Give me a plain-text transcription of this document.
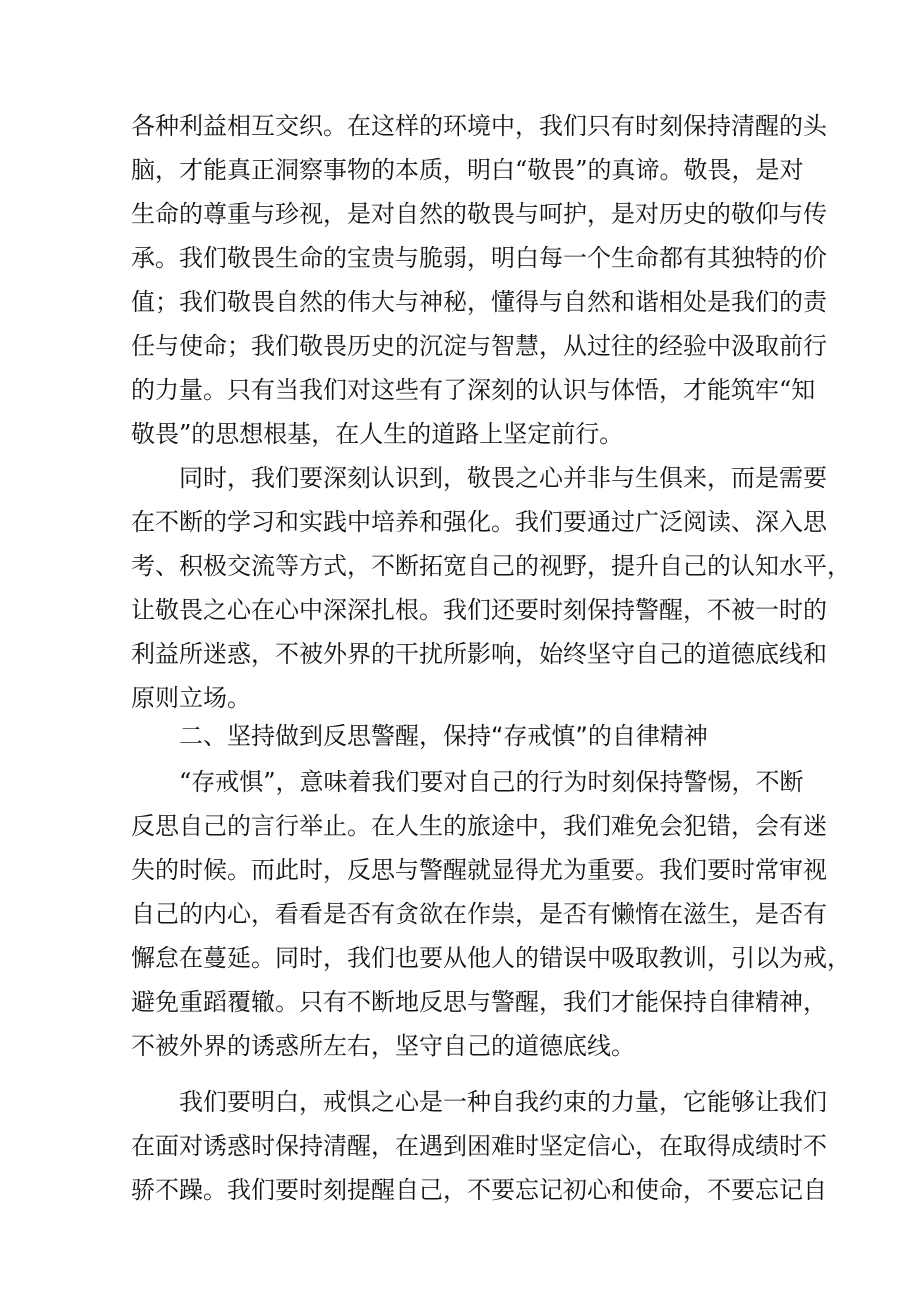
各种利益相互交织。在这样的环境中，我们只有时刻保持清醒的头
脑，才能真正洞察事物的本质，明白“敬畏”的真谛。敬畏，是对
生命的尊重与珍视，是对自然的敬畏与呵护，是对历史的敬仰与传
承。我们敬畏生命的宝贵与脆弱，明白每一个生命都有其独特的价
值；我们敬畏自然的伟大与神秘，懂得与自然和谐相处是我们的责
任与使命；我们敬畏历史的沉淀与智慧，从过往的经验中汲取前行
的力量。只有当我们对这些有了深刻的认识与体悟，才能筑牢“知
敬畏”的思想根基，在人生的道路上坚定前行。
同时，我们要深刻认识到，敬畏之心并非与生俱来，而是需要
在不断的学习和实践中培养和强化。我们要通过广泛阅读、深入思
考、积极交流等方式，不断拓宽自己的视野，提升自己的认知水平，
让敬畏之心在心中深深扎根。我们还要时刻保持警醒，不被一时的
利益所迷惑，不被外界的干扰所影响，始终坚守自己的道德底线和
原则立场。
二、坚持做到反思警醒，保持“存戒慎”的自律精神
“存戒惧”，意味着我们要对自己的行为时刻保持警惕，不断
反思自己的言行举止。在人生的旅途中，我们难免会犯错，会有迷
失的时候。而此时，反思与警醒就显得尤为重要。我们要时常审视
自己的内心，看看是否有贪欲在作祟，是否有懒惰在滋生，是否有
懈怠在蔓延。同时，我们也要从他人的错误中吸取教训，引以为戒，
避免重蹈覆辙。只有不断地反思与警醒，我们才能保持自律精神，
不被外界的诱惑所左右，坚守自己的道德底线。
我们要明白，戒惧之心是一种自我约束的力量，它能够让我们
在面对诱惑时保持清醒，在遇到困难时坚定信心，在取得成绩时不
骄不躁。我们要时刻提醒自己，不要忘记初心和使命，不要忘记自
